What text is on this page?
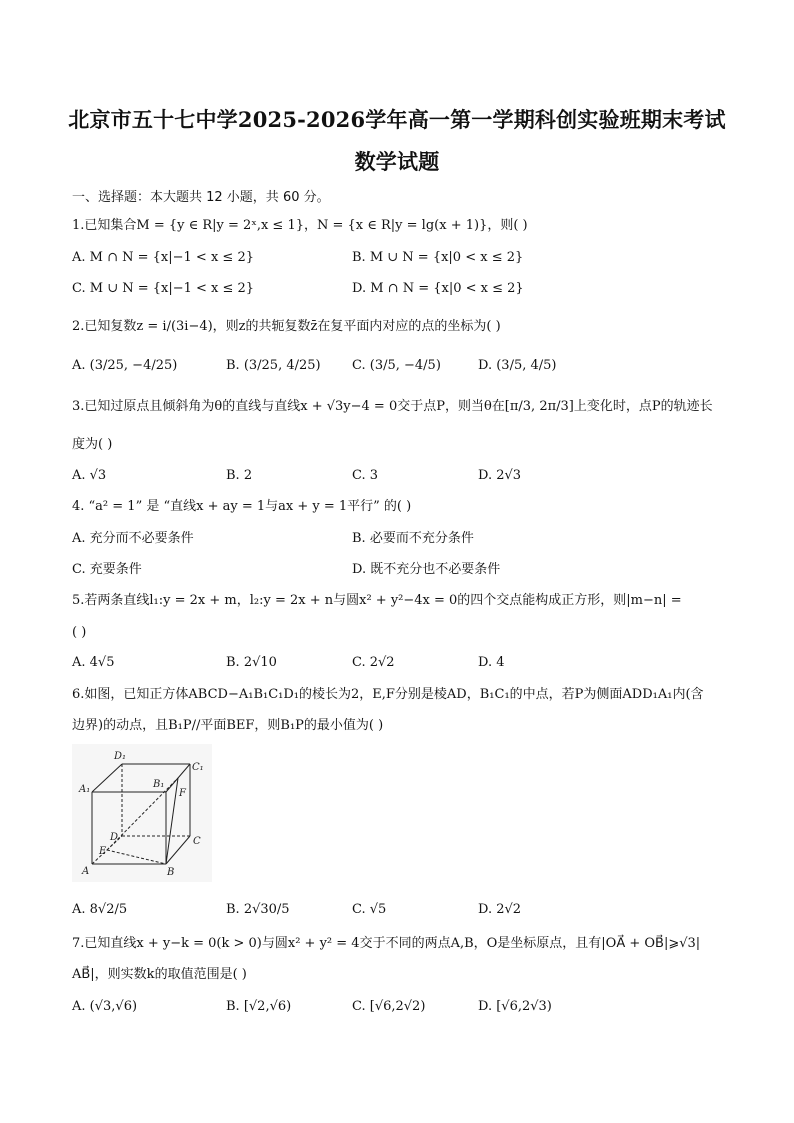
北京市五十七中学2025-2026学年高一第一学期科创实验班期末考试
数学试题
一、选择题：本大题共 12 小题，共 60 分。
1.已知集合M = {y ∈ R|y = 2ˣ,x ≤ 1}，N = {x ∈ R|y = lg(x + 1)}，则( )
A. M ∩ N = {x|−1 < x ≤ 2}	B. M ∪ N = {x|0 < x ≤ 2}
C. M ∪ N = {x|−1 < x ≤ 2}	D. M ∩ N = {x|0 < x ≤ 2}
2.已知复数z = i/(3i−4)，则z的共轭复数z̄在复平面内对应的点的坐标为( )
A. (3/25, −4/25)	B. (3/25, 4/25) C. (3/5, −4/5)	D. (3/5, 4/5)
3.已知过原点且倾斜角为θ的直线与直线x + √3y−4 = 0交于点P，则当θ在[π/3, 2π/3]上变化时，点P的轨迹长
度为( )
A. √3	B. 2	C. 3	D. 2√3
4. “a² = 1” 是 “直线x + ay = 1与ax + y = 1平行” 的( )
A. 充分而不必要条件	B. 必要而不充分条件
C. 充要条件	D. 既不充分也不必要条件
5.若两条直线l₁:y = 2x + m，l₂:y = 2x + n与圆x² + y²−4x = 0的四个交点能构成正方形，则|m−n| =
( )
A. 4√5	B. 2√10	C. 2√2	D. 4
6.如图，已知正方体ABCD−A₁B₁C₁D₁的棱长为2，E,F分别是棱AD，B₁C₁的中点，若P为侧面ADD₁A₁内(含
边界)的动点，且B₁P//平面BEF，则B₁P的最小值为( )
D₁
C₁
A₁	B₁
F
D	C
E
A	B
A. 8√2/5	B. 2√30/5	C. √5	D. 2√2
7.已知直线x + y−k = 0(k > 0)与圆x² + y² = 4交于不同的两点A,B，O是坐标原点，且有|OA⃗ + OB⃗|⩾√3|
AB⃗|，则实数k的取值范围是( )
A. (√3,√6)	B. [√2,√6)	C. [√6,2√2)	D. [√6,2√3)
